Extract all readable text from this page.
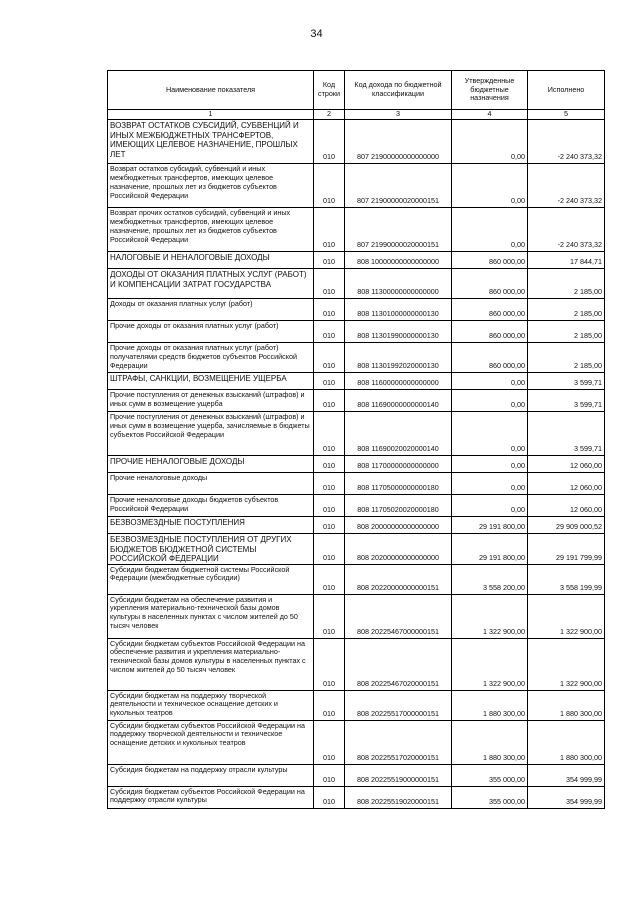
34
Наименование показателя	Код строки	Код дохода по бюджетной классификации	Утвержденные бюджетные назначения	Исполнено
1	2	3	4	5
ВОЗВРАТ ОСТАТКОВ СУБСИДИЙ, СУБВЕНЦИЙ И ИНЫХ МЕЖБЮДЖЕТНЫХ ТРАНСФЕРТОВ, ИМЕЮЩИХ ЦЕЛЕВОЕ НАЗНАЧЕНИЕ, ПРОШЛЫХ ЛЕТ	010	807 21900000000000000	0,00	-2 240 373,32

Возврат остатков субсидий, субвенций и иных межбюджетных трансфертов, имеющих целевое назначение, прошлых лет из бюджетов субъектов Российской Федерации	010	807 21900000020000151	0,00	-2 240 373,32

Возврат прочих остатков субсидий, субвенций и иных межбюджетных трансфертов, имеющих целевое назначение, прошлых лет из бюджетов субъектов Российской Федерации	010	807 21990000020000151	0,00	-2 240 373,32

НАЛОГОВЫЕ И НЕНАЛОГОВЫЕ ДОХОДЫ	010	808 10000000000000000	860 000,00	17 844,71

ДОХОДЫ ОТ ОКАЗАНИЯ ПЛАТНЫХ УСЛУГ (РАБОТ) И КОМПЕНСАЦИИ ЗАТРАТ ГОСУДАРСТВА	010	808 11300000000000000	860 000,00	2 185,00

Доходы от оказания платных услуг (работ)	010	808 11301000000000130	860 000,00	2 185,00

Прочие доходы от оказания платных услуг (работ)	010	808 11301990000000130	860 000,00	2 185,00

Прочие доходы от оказания платных услуг (работ) получателями средств бюджетов субъектов Российской Федерации	010	808 11301992020000130	860 000,00	2 185,00

ШТРАФЫ, САНКЦИИ, ВОЗМЕЩЕНИЕ УЩЕРБА	010	808 11600000000000000	0,00	3 599,71

Прочие поступления от денежных взысканий (штрафов) и иных сумм в возмещение ущерба	010	808 11690000000000140	0,00	3 599,71

Прочие поступления от денежных взысканий (штрафов) и иных сумм в возмещение ущерба, зачисляемые в бюджеты субъектов Российской Федерации	010	808 11690020020000140	0,00	3 599,71

ПРОЧИЕ НЕНАЛОГОВЫЕ ДОХОДЫ	010	808 11700000000000000	0,00	12 060,00

Прочие неналоговые доходы	010	808 11705000000000180	0,00	12 060,00

Прочие неналоговые доходы бюджетов субъектов Российской Федерации	010	808 11705020020000180	0,00	12 060,00

БЕЗВОЗМЕЗДНЫЕ ПОСТУПЛЕНИЯ	010	808 20000000000000000	29 191 800,00	29 909 000,52

БЕЗВОЗМЕЗДНЫЕ ПОСТУПЛЕНИЯ ОТ ДРУГИХ БЮДЖЕТОВ БЮДЖЕТНОЙ СИСТЕМЫ РОССИЙСКОЙ ФЕДЕРАЦИИ	010	808 20200000000000000	29 191 800,00	29 191 799,99

Субсидии бюджетам бюджетной системы Российской Федерации (межбюджетные субсидии)	010	808 20220000000000151	3 558 200,00	3 558 199,99

Субсидии бюджетам на обеспечение развития и укрепления материально-технической базы домов культуры в населенных пунктах с числом жителей до 50 тысяч человек	010	808 20225467000000151	1 322 900,00	1 322 900,00

Субсидии бюджетам субъектов Российской Федерации на обеспечение развития и укрепления материально-технической базы домов культуры в населенных пунктах с числом жителей до 50 тысяч человек	010	808 20225467020000151	1 322 900,00	1 322 900,00

Субсидии бюджетам на поддержку творческой деятельности и техническое оснащение детских и кукольных театров	010	808 20225517000000151	1 880 300,00	1 880 300,00

Субсидии бюджетам субъектов Российской Федерации на поддержку творческой деятельности и техническое оснащение детских и кукольных театров	010	808 20225517020000151	1 880 300,00	1 880 300,00

Субсидия бюджетам на поддержку отрасли культуры	010	808 20225519000000151	355 000,00	354 999,99

Субсидия бюджетам субъектов Российской Федерации на поддержку отрасли культуры	010	808 20225519020000151	355 000,00	354 999,99
